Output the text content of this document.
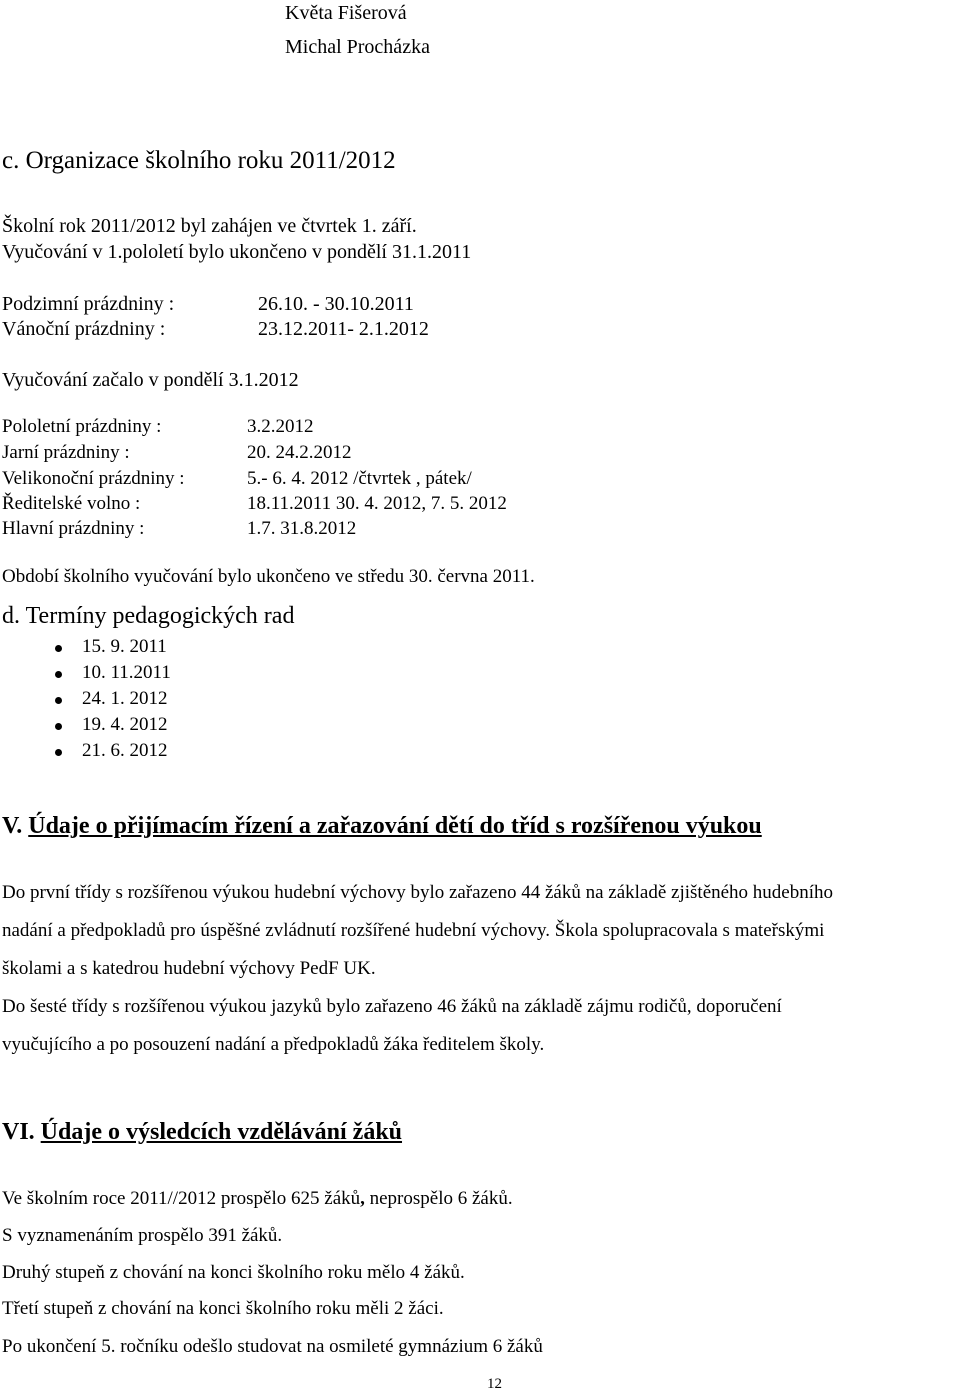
Květa Fišerová
Michal Procházka
c. Organizace školního roku 2011/2012
Školní rok 2011/2012 byl zahájen ve čtvrtek 1. září.
Vyučování v 1.pololetí bylo ukončeno v pondělí 31.1.2011
Podzimní prázdniny :	26.10. - 30.10.2011
Vánoční prázdniny :	23.12.2011- 2.1.2012
Vyučování začalo v pondělí 3.1.2012
Pololetní prázdniny :	3.2.2012
Jarní prázdniny :	20. 24.2.2012
Velikonoční prázdniny :	5.- 6. 4. 2012 /čtvrtek , pátek/
Ředitelské volno :	18.11.2011 30. 4. 2012, 7. 5. 2012
Hlavní prázdniny :	1.7. 31.8.2012
Období školního vyučování bylo ukončeno ve středu 30. června 2011.
d. Termíny pedagogických rad
15. 9. 2011
10. 11.2011
24. 1. 2012
19. 4. 2012
21. 6. 2012
V. Údaje o přijímacím řízení a zařazování dětí do tříd s rozšířenou výukou
Do první třídy s rozšířenou výukou hudební výchovy bylo zařazeno 44 žáků na základě zjištěného hudebního
nadání a předpokladů pro úspěšné zvládnutí rozšířené hudební výchovy. Škola spolupracovala s mateřskými
školami a s katedrou hudební výchovy PedF UK.
Do šesté třídy s rozšířenou výukou jazyků bylo zařazeno 46 žáků na základě zájmu rodičů, doporučení
vyučujícího a po posouzení nadání a předpokladů žáka ředitelem školy.
VI. Údaje o výsledcích vzdělávání žáků
Ve školním roce 2011//2012 prospělo 625 žáků, neprospělo 6 žáků.
S vyznamenáním prospělo 391 žáků.
Druhý stupeň z chování na konci školního roku mělo 4 žáků.
Třetí stupeň z chování na konci školního roku měli 2 žáci.
Po ukončení 5. ročníku odešlo studovat na osmileté gymnázium 6 žáků
12
